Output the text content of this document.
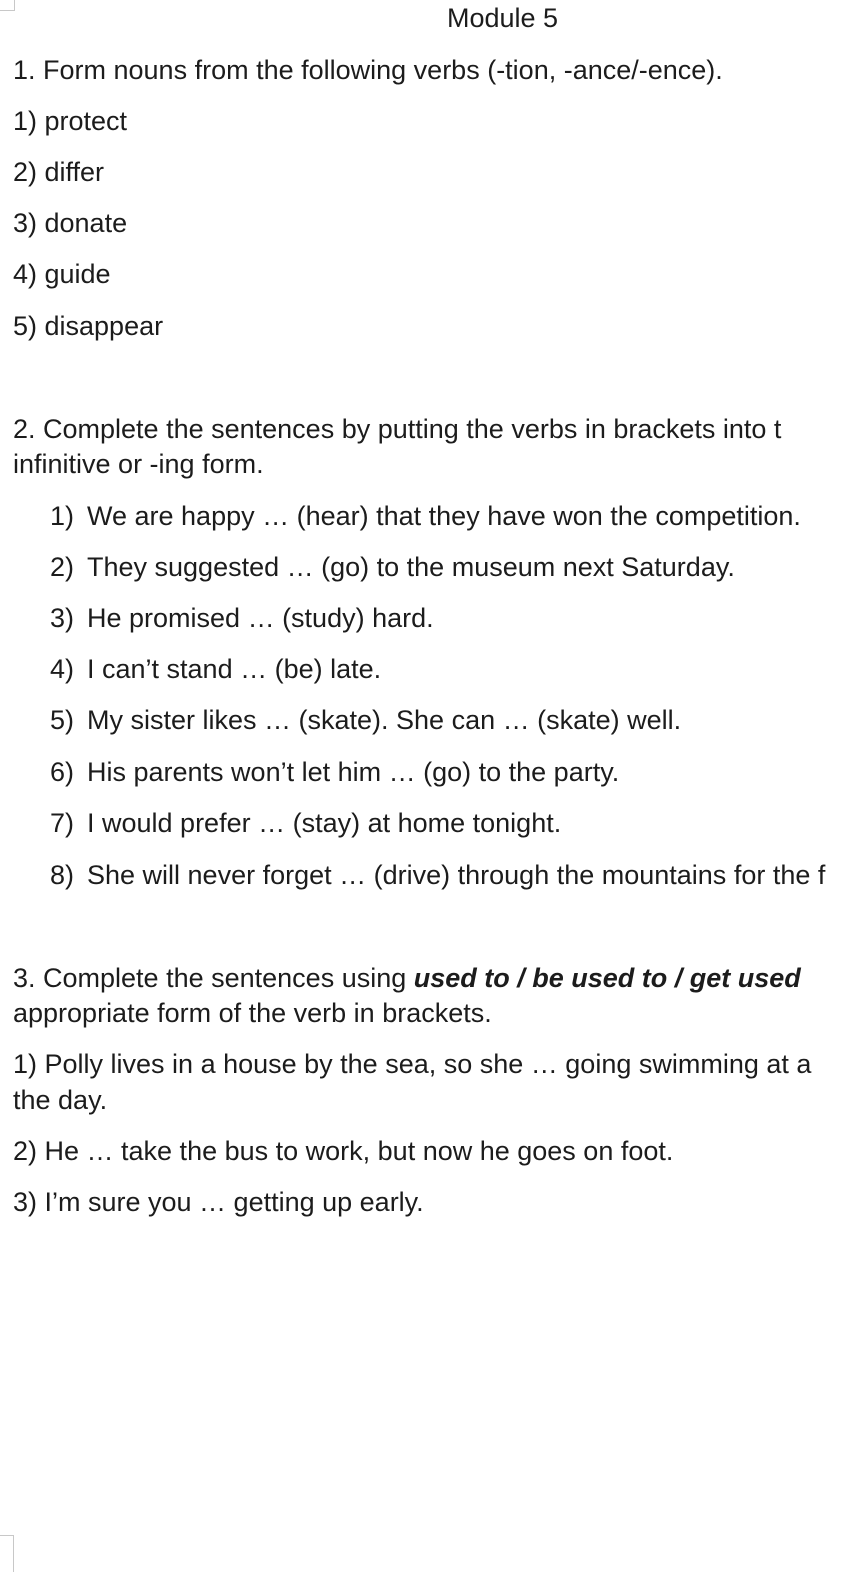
Module 5
1. Form nouns from the following verbs (-tion, -ance/-ence).
1) protect
2) differ
3) donate
4) guide
5) disappear
2. Complete the sentences by putting the verbs in brackets into t
infinitive or -ing form.
1) We are happy … (hear) that they have won the competition.
2) They suggested … (go) to the museum next Saturday.
3) He promised … (study) hard.
4) I can’t stand … (be) late.
5) My sister likes … (skate). She can … (skate) well.
6) His parents won’t let him … (go) to the party.
7) I would prefer … (stay) at home tonight.
8) She will never forget … (drive) through the mountains for the f
3. Complete the sentences using used to / be used to / get used
appropriate form of the verb in brackets.
1) Polly lives in a house by the sea, so she … going swimming at a
the day.
2) He … take the bus to work, but now he goes on foot.
3) I’m sure you … getting up early.
